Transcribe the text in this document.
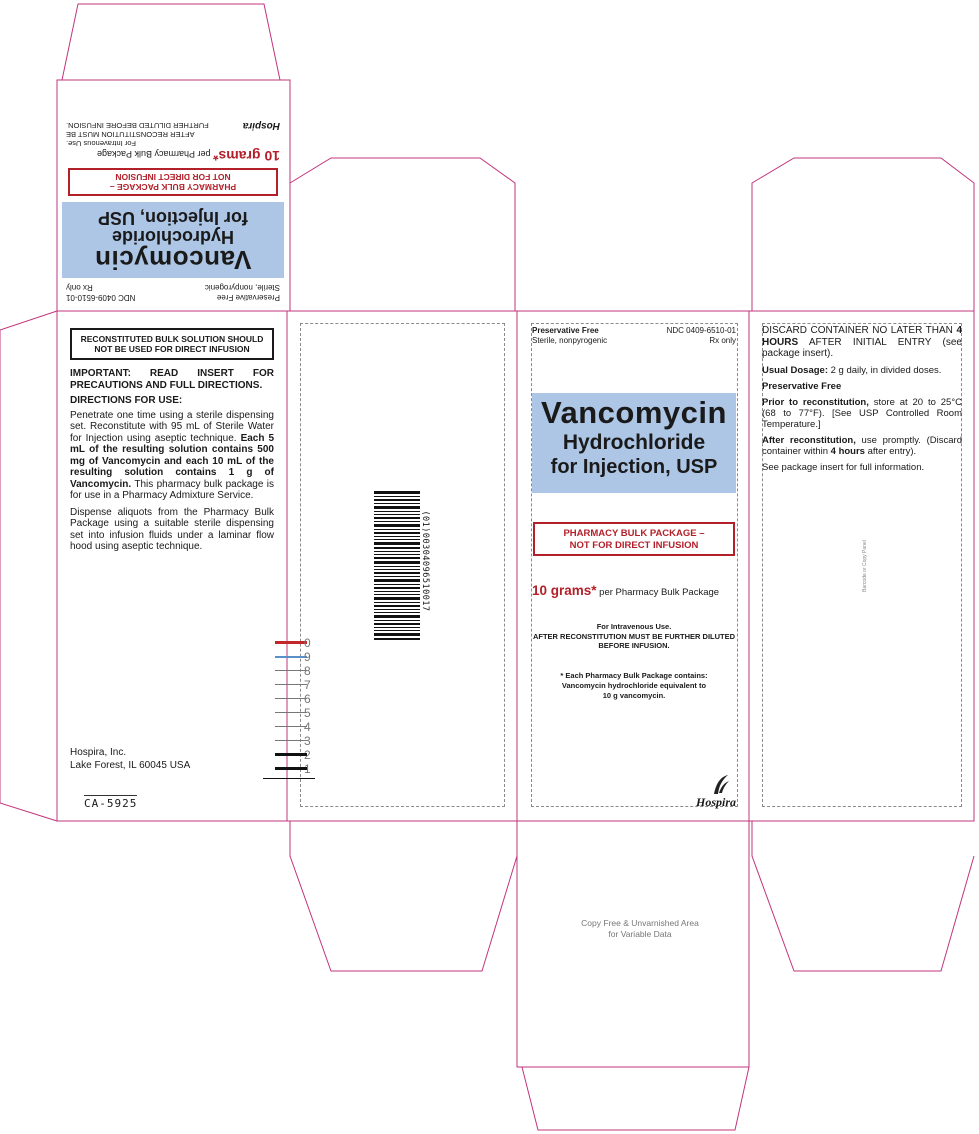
Preservative Free
NDC 0409-6510-01
Sterile, nonpyrogenic
Rx only
Vancomycin
Hydrochloride
for Injection, USP
PHARMACY BULK PACKAGE –
NOT FOR DIRECT INFUSION
10 grams* per Pharmacy Bulk Package
For Intravenous Use.
AFTER RECONSTITUTION MUST BE
Hospira
FURTHER DILUTED BEFORE INFUSION.
RECONSTITUTED BULK SOLUTION SHOULD NOT BE USED FOR DIRECT INFUSION
IMPORTANT: READ INSERT FOR PRECAUTIONS AND FULL DIRECTIONS.
DIRECTIONS FOR USE:

Penetrate one time using a sterile dispensing set. Reconstitute with 95 mL of Sterile Water for Injection using aseptic technique. Each 5 mL of the resulting solution contains 500 mg of Vancomycin and each 10 mL of the resulting solution contains 1 g of Vancomycin. This pharmacy bulk package is for use in a Pharmacy Admixture Service.

Dispense aliquots from the Pharmacy Bulk Package using a suitable sterile dispensing set into infusion fluids under a laminar flow hood using aseptic technique.

Hospira, Inc.
Lake Forest, IL 60045 USA
CA-5925
0
9
8
7
6
5
4
3
2
1
(01)00304096510017
Preservative Free	NDC 0409-6510-01
Sterile, nonpyrogenic	Rx only
Vancomycin
Hydrochloride
for Injection, USP
PHARMACY BULK PACKAGE –
NOT FOR DIRECT INFUSION
10 grams* per Pharmacy Bulk Package
For Intravenous Use.
AFTER RECONSTITUTION MUST BE FURTHER DILUTED
BEFORE INFUSION.
* Each Pharmacy Bulk Package contains:
Vancomycin hydrochloride equivalent to
10 g vancomycin.
Hospira

DISCARD CONTAINER NO LATER THAN 4 HOURS AFTER INITIAL ENTRY (see package insert).

Usual Dosage: 2 g daily, in divided doses.

Preservative Free

Prior to reconstitution, store at 20 to 25°C (68 to 77°F). [See USP Controlled Room Temperature.]

After reconstitution, use promptly. (Discard container within 4 hours after entry).

See package insert for full information.

Barcode or Copy Panel
Copy Free & Unvarnished Area
for Variable Data
